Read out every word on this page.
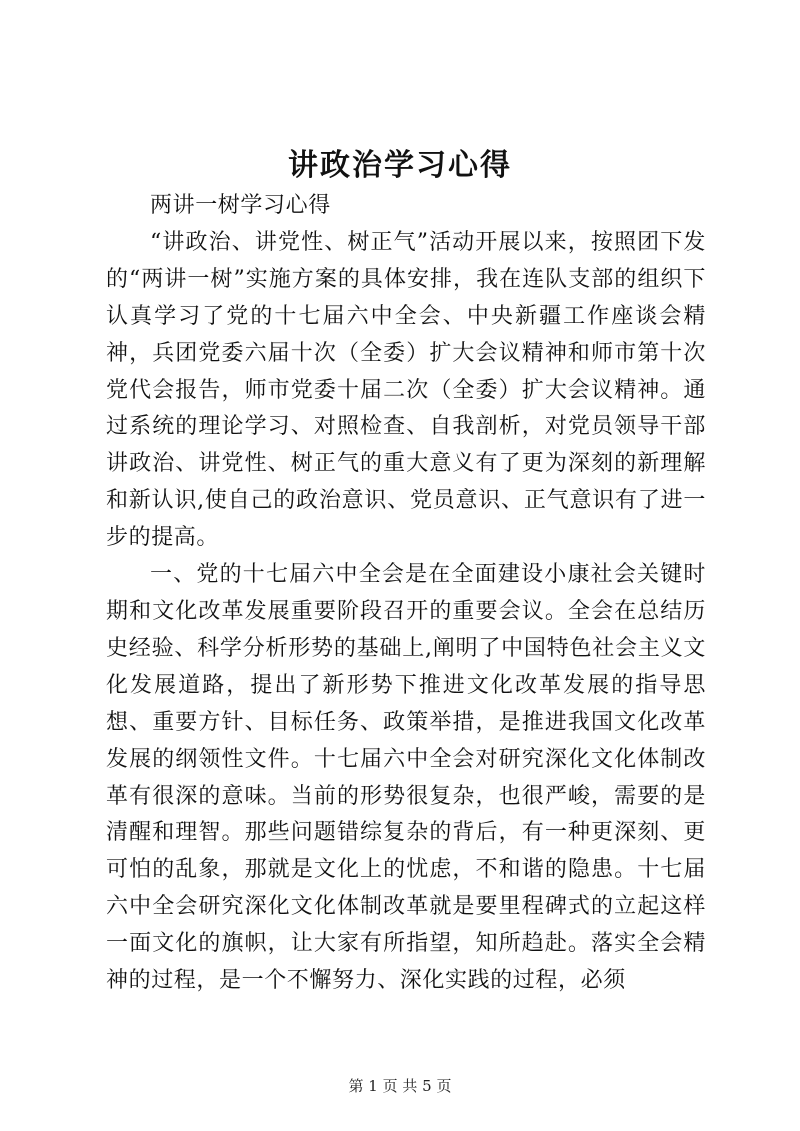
讲政治学习心得

两讲一树学习心得

“讲政治、讲党性、树正气”活动开展以来，按照团下发的“两讲一树”实施方案的具体安排，我在连队支部的组织下认真学习了党的十七届六中全会、中央新疆工作座谈会精神，兵团党委六届十次（全委）扩大会议精神和师市第十次党代会报告，师市党委十届二次（全委）扩大会议精神。通过系统的理论学习、对照检查、自我剖析，对党员领导干部讲政治、讲党性、树正气的重大意义有了更为深刻的新理解和新认识,使自己的政治意识、党员意识、正气意识有了进一步的提高。

一、党的十七届六中全会是在全面建设小康社会关键时期和文化改革发展重要阶段召开的重要会议。全会在总结历史经验、科学分析形势的基础上,阐明了中国特色社会主义文化发展道路，提出了新形势下推进文化改革发展的指导思想、重要方针、目标任务、政策举措，是推进我国文化改革发展的纲领性文件。十七届六中全会对研究深化文化体制改革有很深的意味。当前的形势很复杂，也很严峻，需要的是清醒和理智。那些问题错综复杂的背后，有一种更深刻、更可怕的乱象，那就是文化上的忧虑，不和谐的隐患。十七届六中全会研究深化文化体制改革就是要里程碑式的立起这样一面文化的旗帜，让大家有所指望，知所趋赴。落实全会精神的过程，是一个不懈努力、深化实践的过程，必须

第 1 页 共 5 页
